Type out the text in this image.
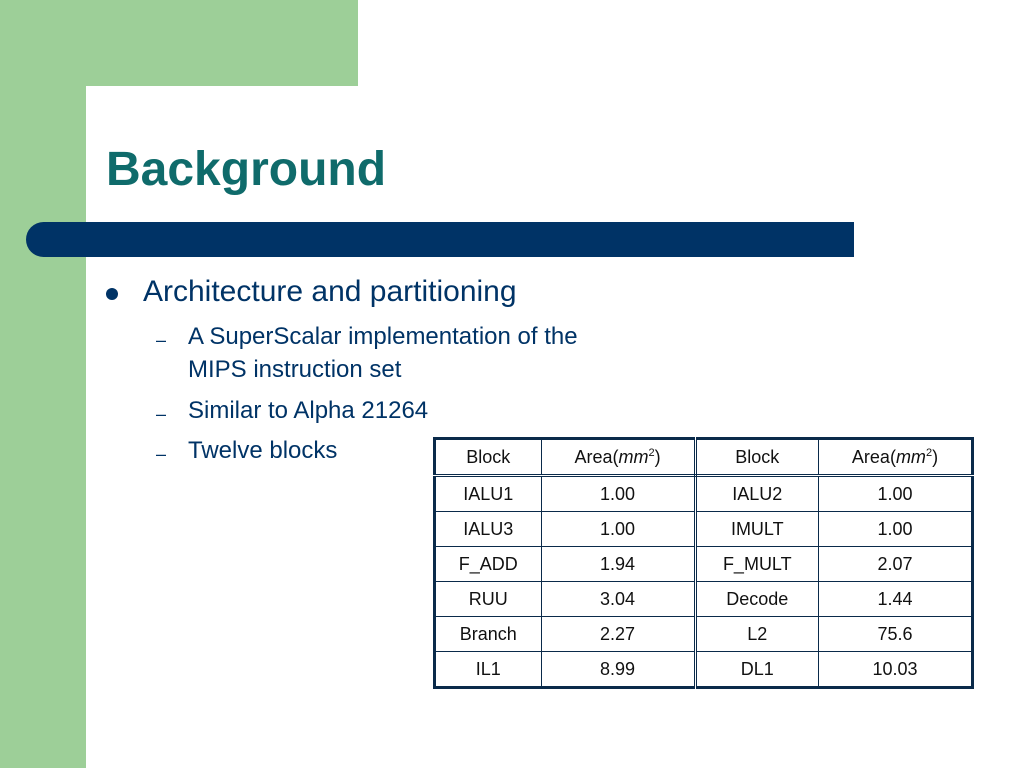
Background
Architecture and partitioning
– A SuperScalar implementation of the
MIPS instruction set
– Similar to Alpha 21264
– Twelve blocks	Block	$Area(mm^2)$	Block	$Area(mm^2)$
IALU1	1.00	IALU2	1.00
IALU3	1.00	IMULT	1.00
F_ADD	1.94	F_MULT	2.07
RUU	3.04	Decode	1.44
Branch	2.27	L2	75.6
IL1	8.99	DL1	10.03
